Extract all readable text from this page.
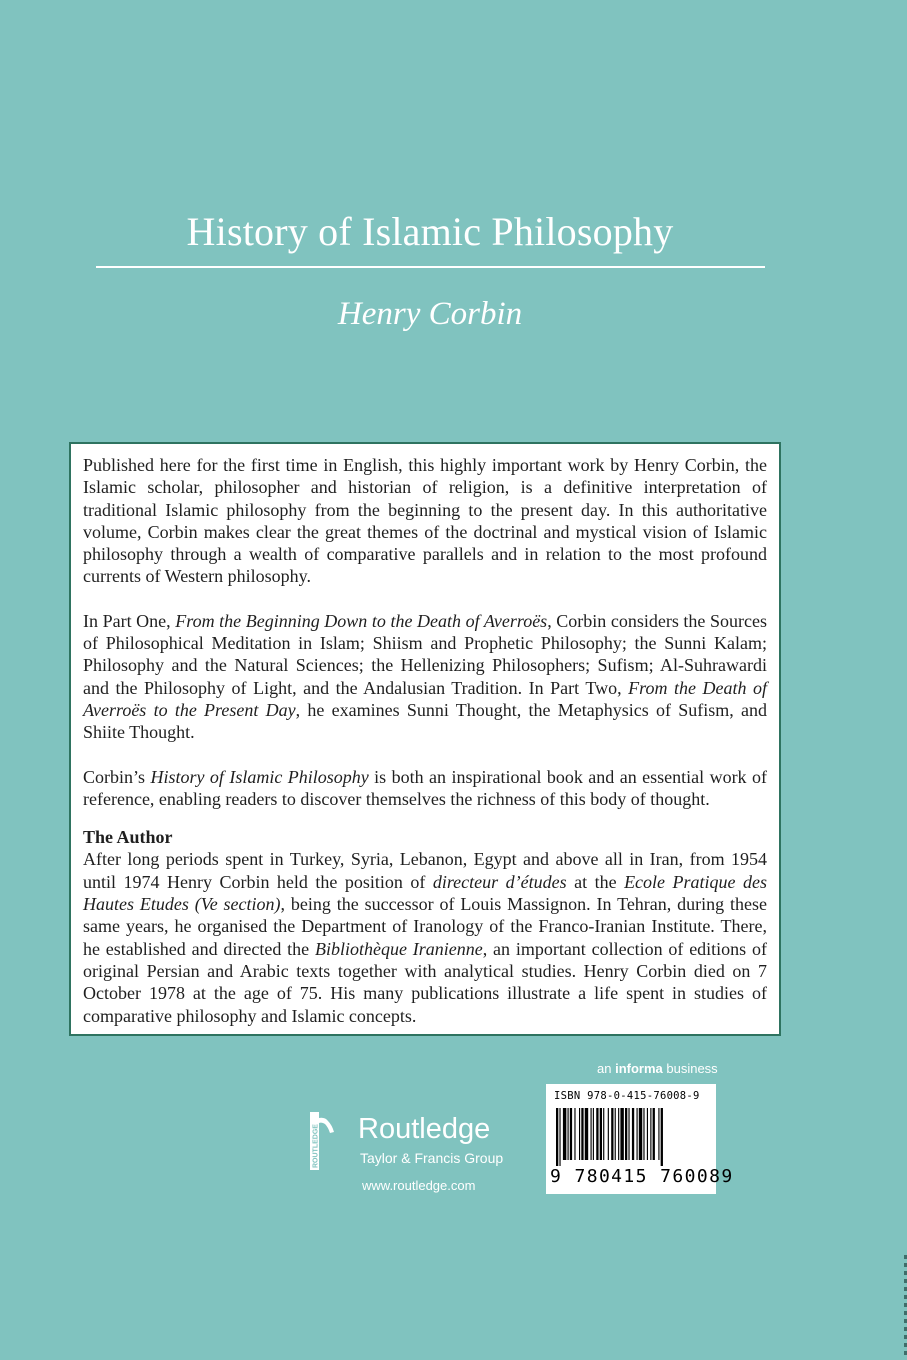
History of Islamic Philosophy
Henry Corbin

Published here for the first time in English, this highly important work by Henry Corbin, the Islamic scholar, philosopher and historian of religion, is a definitive interpretation of traditional Islamic philosophy from the beginning to the present day. In this authoritative volume, Corbin makes clear the great themes of the doctrinal and mystical vision of Islamic philosophy through a wealth of comparative parallels and in relation to the most profound currents of Western philosophy.

In Part One, From the Beginning Down to the Death of Averroës, Corbin considers the Sources of Philosophical Meditation in Islam; Shiism and Prophetic Philosophy; the Sunni Kalam; Philosophy and the Natural Sciences; the Hellenizing Philosophers; Sufism; Al-Suhrawardi and the Philosophy of Light, and the Andalusian Tradition. In Part Two, From the Death of Averroës to the Present Day, he examines Sunni Thought, the Metaphysics of Sufism, and Shiite Thought.

Corbin’s History of Islamic Philosophy is both an inspirational book and an essential work of reference, enabling readers to discover themselves the richness of this body of thought.

The Author

After long periods spent in Turkey, Syria, Lebanon, Egypt and above all in Iran, from 1954 until 1974 Henry Corbin held the position of directeur d’études at the Ecole Pratique des Hautes Etudes (Ve section), being the successor of Louis Massignon. In Tehran, during these same years, he organised the Department of Iranology of the Franco-Iranian Institute. There, he established and directed the Bibliothèque Iranienne, an important collection of editions of original Persian and Arabic texts together with analytical studies. Henry Corbin died on 7 October 1978 at the age of 75. His many publications illustrate a life spent in studies of comparative philosophy and Islamic concepts.

an informa business
ROUTLEDGE Routledge
Taylor & Francis Group
www.routledge.com
ISBN 978-0-415-76008-9
9 780415 760089
